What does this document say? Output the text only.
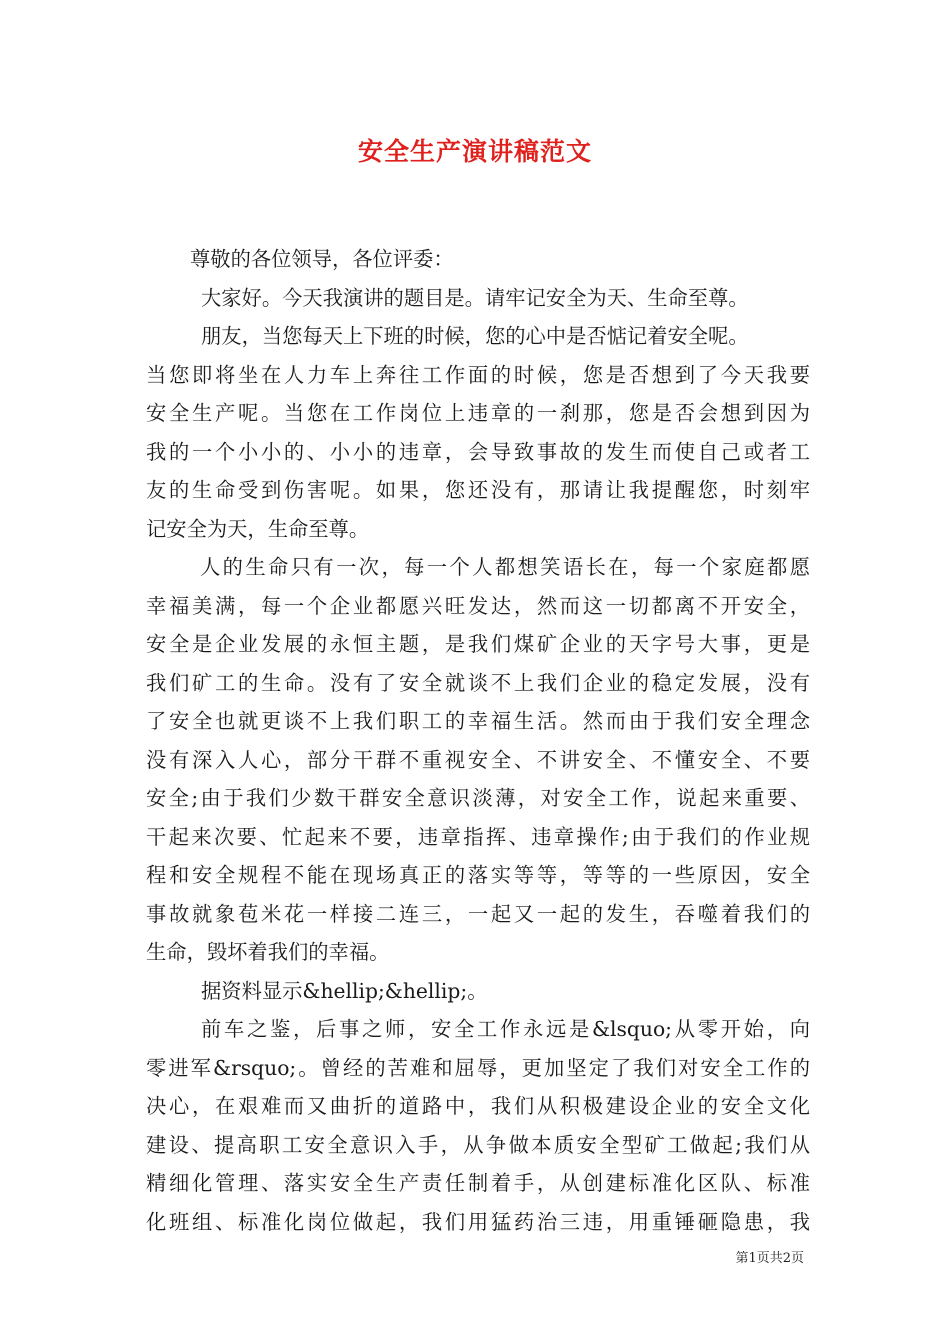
安全生产演讲稿范文
尊敬的各位领导，各位评委：
大家好。今天我演讲的题目是。请牢记安全为天、生命至尊。
朋友，当您每天上下班的时候，您的心中是否惦记着安全呢。
当您即将坐在人力车上奔往工作面的时候，您是否想到了今天我要
安全生产呢。当您在工作岗位上违章的一刹那，您是否会想到因为
我的一个小小的、小小的违章，会导致事故的发生而使自己或者工
友的生命受到伤害呢。如果，您还没有，那请让我提醒您，时刻牢
记安全为天，生命至尊。
人的生命只有一次，每一个人都想笑语长在，每一个家庭都愿
幸福美满，每一个企业都愿兴旺发达，然而这一切都离不开安全，
安全是企业发展的永恒主题，是我们煤矿企业的天字号大事，更是
我们矿工的生命。没有了安全就谈不上我们企业的稳定发展，没有
了安全也就更谈不上我们职工的幸福生活。然而由于我们安全理念
没有深入人心，部分干群不重视安全、不讲安全、不懂安全、不要
安全;由于我们少数干群安全意识淡薄，对安全工作，说起来重要、
干起来次要、忙起来不要，违章指挥、违章操作;由于我们的作业规
程和安全规程不能在现场真正的落实等等，等等的一些原因，安全
事故就象苞米花一样接二连三，一起又一起的发生，吞噬着我们的
生命，毁坏着我们的幸福。
据资料显示&hellip;&hellip;。
前车之鉴，后事之师，安全工作永远是&lsquo;从零开始，向
零进军&rsquo;。曾经的苦难和屈辱，更加坚定了我们对安全工作的
决心，在艰难而又曲折的道路中，我们从积极建设企业的安全文化
建设、提高职工安全意识入手，从争做本质安全型矿工做起;我们从
精细化管理、落实安全生产责任制着手，从创建标准化区队、标准
化班组、标准化岗位做起，我们用猛药治三违，用重锤砸隐患，我
第1页共2页
